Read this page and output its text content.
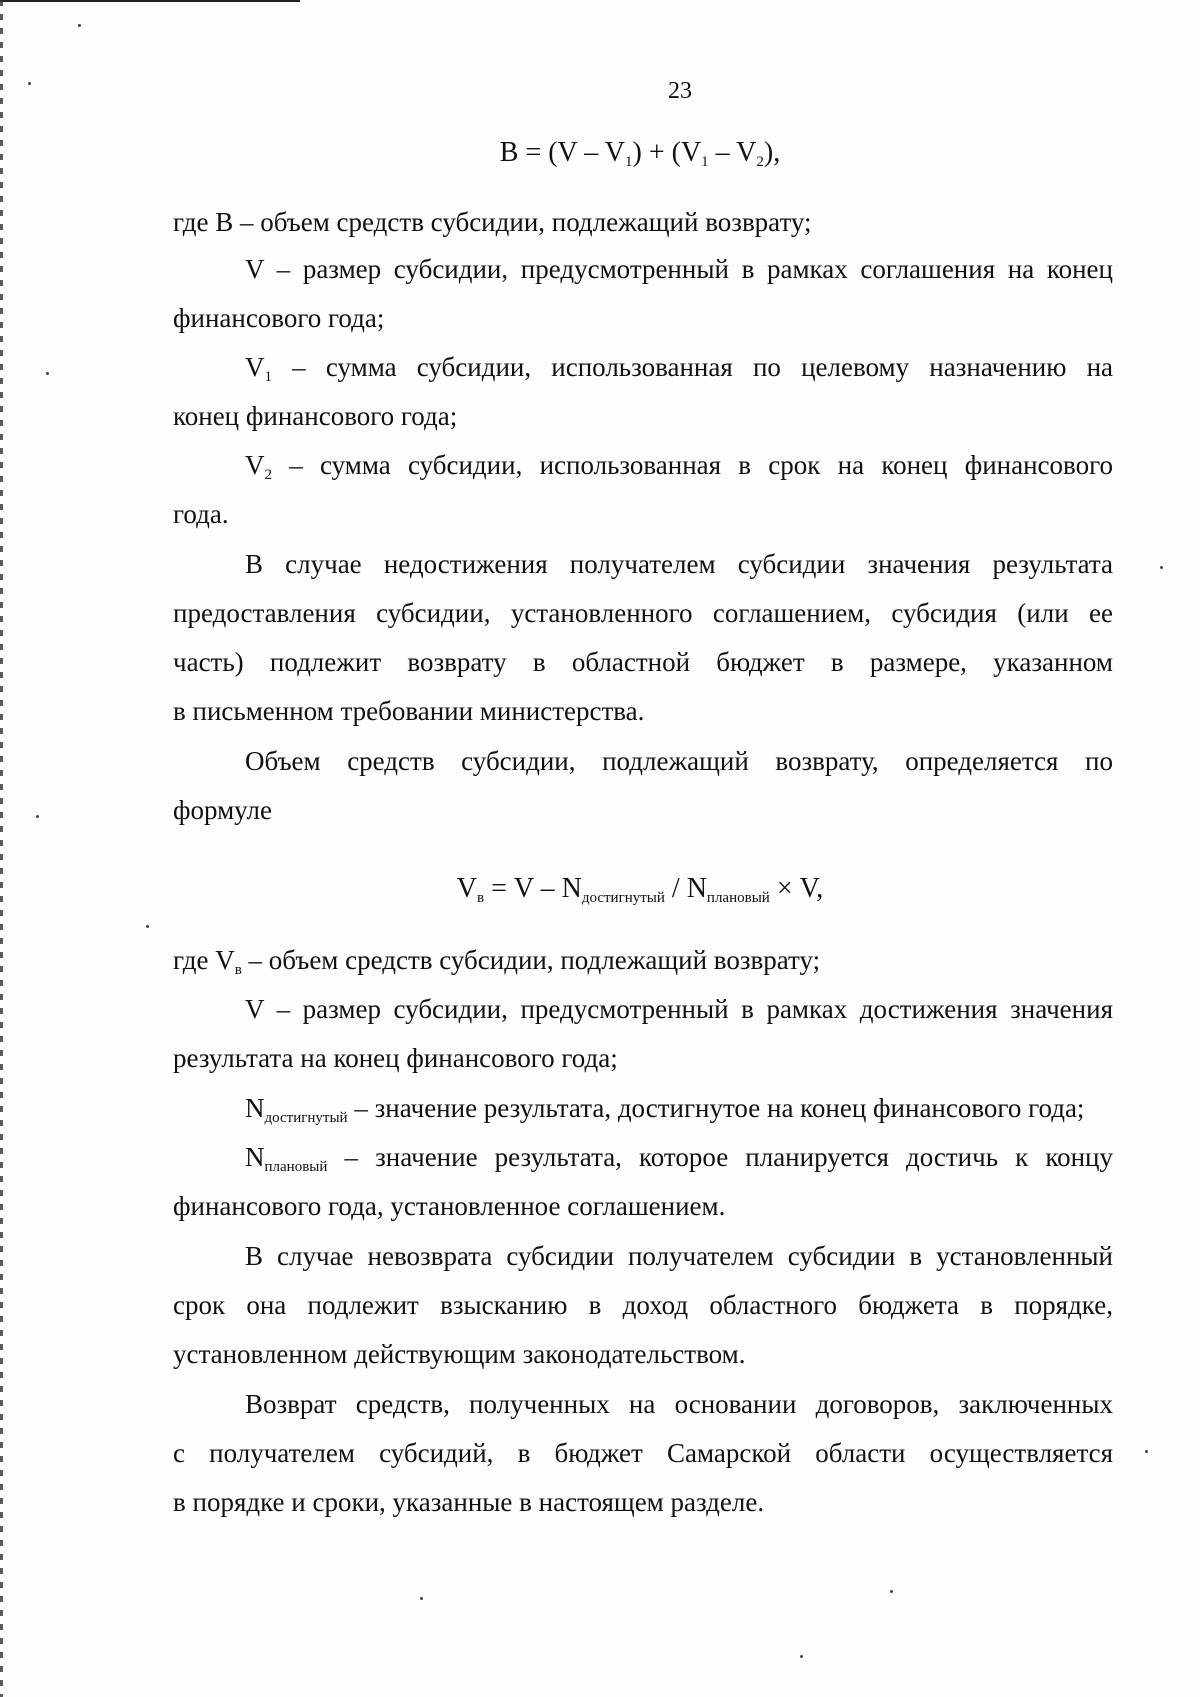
23
$B = (V - V_1) + (V_1 - V_2)$,
где B – объем средств субсидии, подлежащий возврату;
V – размер субсидии, предусмотренный в рамках соглашения на конец
финансового года;
$V_1$ – сумма субсидии, использованная по целевому назначению на
конец финансового года;
$V_2$ – сумма субсидии, использованная в срок на конец финансового
года.
В случае недостижения получателем субсидии значения результата
предоставления субсидии, установленного соглашением, субсидия (или ее
часть) подлежит возврату в областной бюджет в размере, указанном
в письменном требовании министерства.
Объем средств субсидии, подлежащий возврату, определяется по
формуле
$V_в = V - N_{достигнутый} / N_{плановый} \times V$,
где $V_в$ – объем средств субсидии, подлежащий возврату;
V – размер субсидии, предусмотренный в рамках достижения значения
результата на конец финансового года;
$N_{достигнутый}$ – значение результата, достигнутое на конец финансового года;
$N_{плановый}$ – значение результата, которое планируется достичь к концу
финансового года, установленное соглашением.
В случае невозврата субсидии получателем субсидии в установленный
срок она подлежит взысканию в доход областного бюджета в порядке,
установленном действующим законодательством.
Возврат средств, полученных на основании договоров, заключенных
с получателем субсидий, в бюджет Самарской области осуществляется
в порядке и сроки, указанные в настоящем разделе.
